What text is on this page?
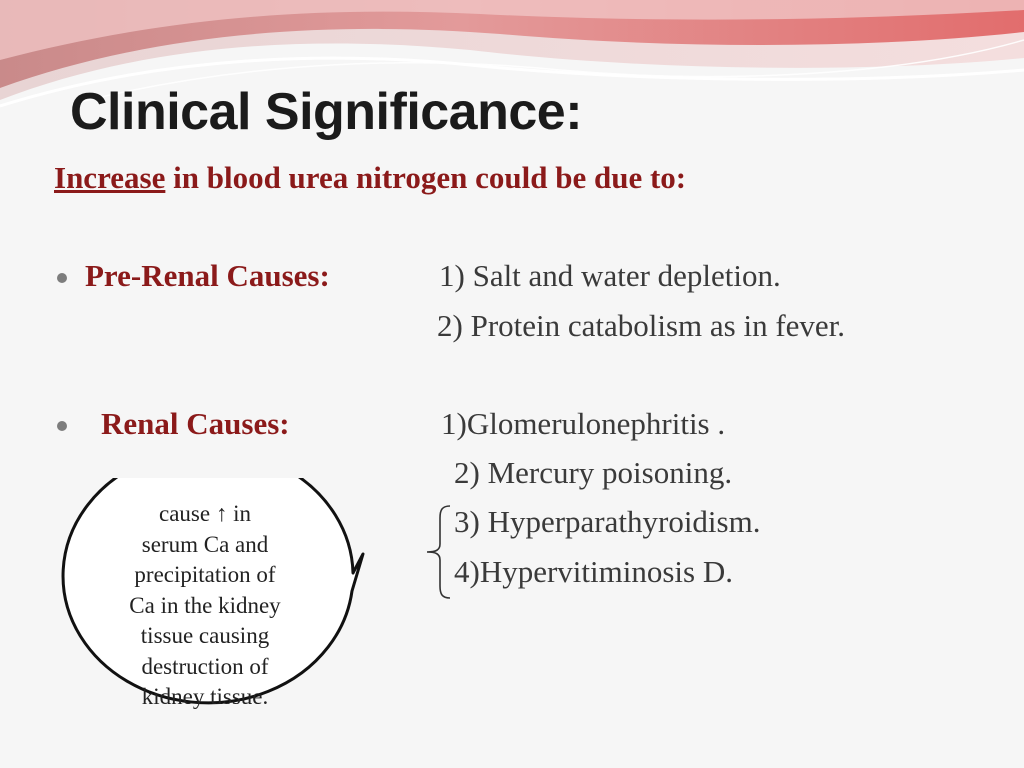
Clinical Significance:

Increase in blood urea nitrogen could be due to:

Pre-Renal Causes:	1) Salt and water depletion.
2) Protein catabolism as in fever.
Renal Causes:	1)Glomerulonephritis .
2) Mercury poisoning.
3) Hyperparathyroidism.
4)Hypervitiminosis D.
cause ↑ in
serum Ca and
precipitation of
Ca in the kidney
tissue causing
destruction of
kidney tissue.
